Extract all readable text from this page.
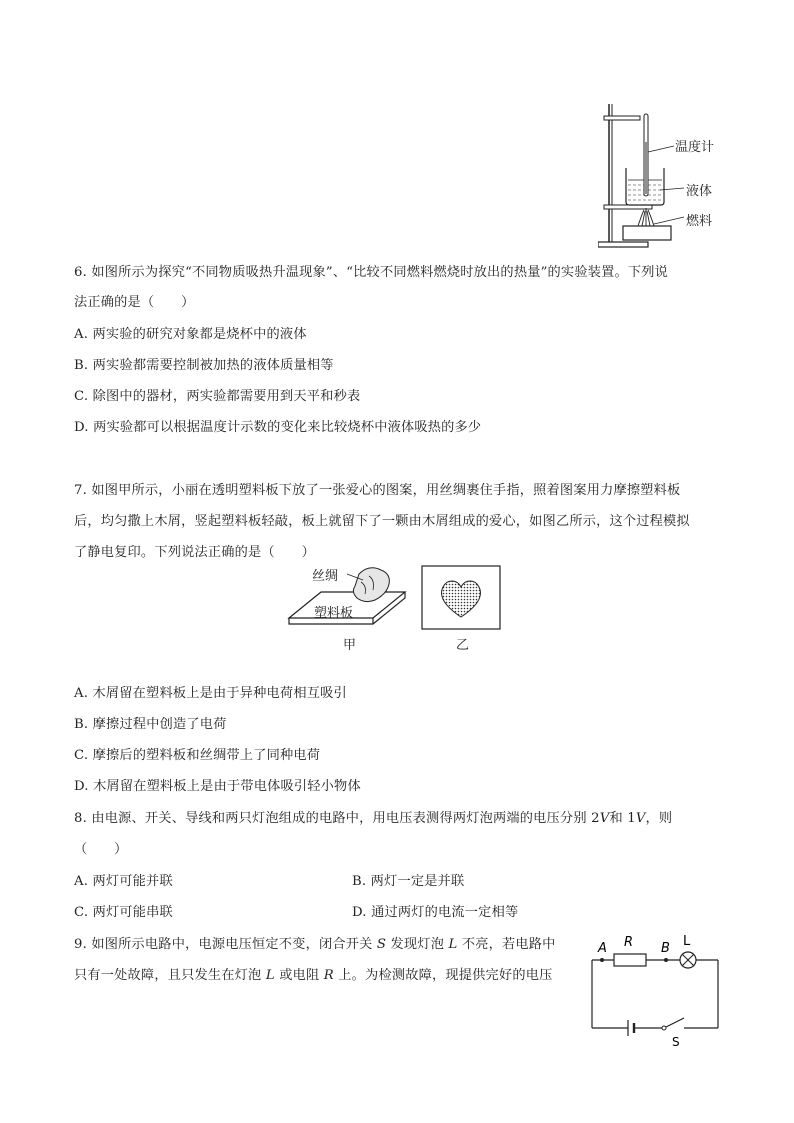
温度计
液体
燃料
6. 如图所示为探究“不同物质吸热升温现象”、“比较不同燃料燃烧时放出的热量”的实验装置。下列说
法正确的是（　　）
A. 两实验的研究对象都是烧杯中的液体
B. 两实验都需要控制被加热的液体质量相等
C. 除图中的器材，两实验都需要用到天平和秒表
D. 两实验都可以根据温度计示数的变化来比较烧杯中液体吸热的多少
7. 如图甲所示，小丽在透明塑料板下放了一张爱心的图案，用丝绸裹住手指，照着图案用力摩擦塑料板
后，均匀撒上木屑，竖起塑料板轻敲，板上就留下了一颗由木屑组成的爱心，如图乙所示，这个过程模拟
了静电复印。下列说法正确的是（　　）
丝绸
塑料板
甲	乙
A. 木屑留在塑料板上是由于异种电荷相互吸引
B. 摩擦过程中创造了电荷
C. 摩擦后的塑料板和丝绸带上了同种电荷
D. 木屑留在塑料板上是由于带电体吸引轻小物体
8. 由电源、开关、导线和两只灯泡组成的电路中，用电压表测得两灯泡两端的电压分别 2V和 1V，则
（　　）
A. 两灯可能并联	B. 两灯一定是并联
C. 两灯可能串联	D. 通过两灯的电流一定相等
9. 如图所示电路中，电源电压恒定不变，闭合开关 S 发现灯泡 L 不亮，若电路中
只有一处故障，且只发生在灯泡 L 或电阻 R 上。为检测故障，现提供完好的电压
A R B L
S
